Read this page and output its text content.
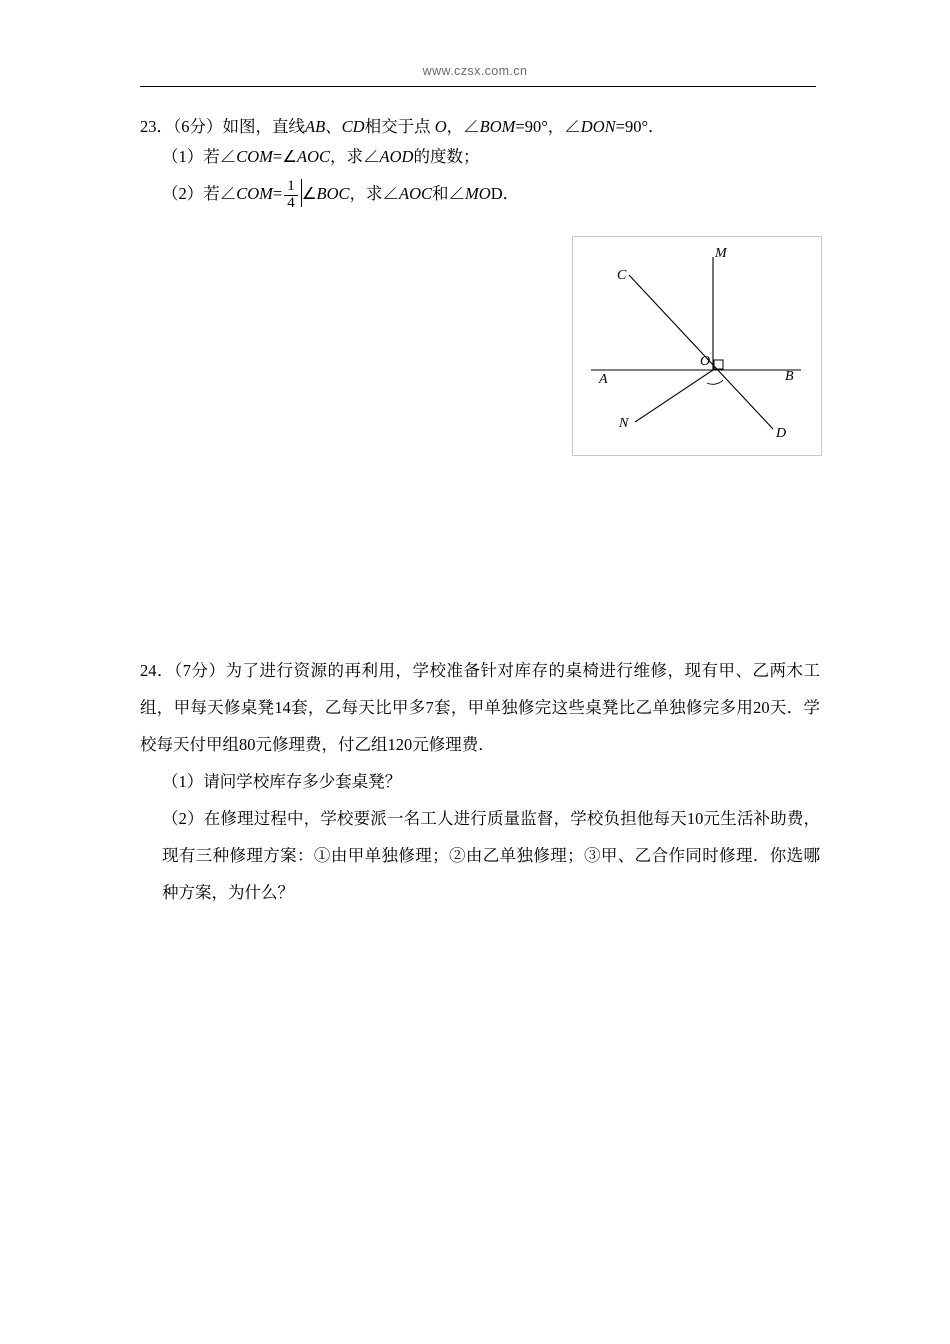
www.czsx.com.cn
23．（6分）如图，直线AB、CD相交于点 O，∠BOM=90°，∠DON=90°．
（1）若∠COM=∠AOC，求∠AOD的度数；
（2）若∠COM= $\frac{1}{4}$ ∠BOC，求∠AOC和∠MOD．
A	B
C
D
M
N
O
24．（7分）为了进行资源的再利用，学校准备针对库存的桌椅进行维修，现有甲、乙两木工组，甲每天修桌凳14套，乙每天比甲多7套，甲单独修完这些桌凳比乙单独修完多用20天．学校每天付甲组80元修理费，付乙组120元修理费．
（1）请问学校库存多少套桌凳？
（2）在修理过程中，学校要派一名工人进行质量监督，学校负担他每天10元生活补助费，现有三种修理方案：①由甲单独修理；②由乙单独修理；③甲、乙合作同时修理．你选哪种方案，为什么？
